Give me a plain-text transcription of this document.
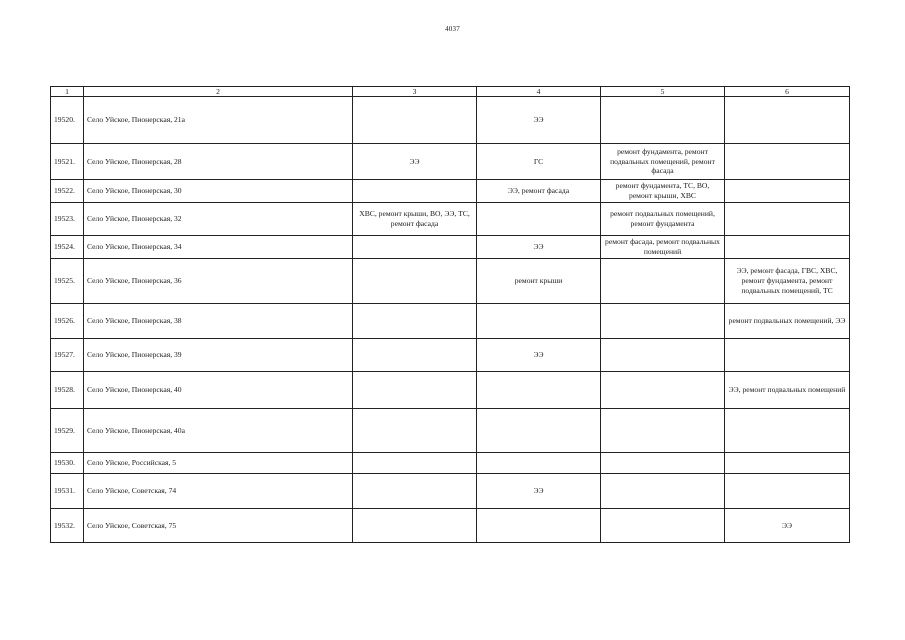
4037
1	2	3	4	5	6
19520.	Село Уйское, Пионерская, 21а		ЭЭ		
19521.	Село Уйское, Пионерская, 28	ЭЭ	ГС	ремонт фундамента, ремонт подвальных помещений, ремонт фасада	
19522.	Село Уйское, Пионерская, 30		ЭЭ, ремонт фасада	ремонт фундамента, ТС, ВО, ремонт крыши, ХВС	
19523.	Село Уйское, Пионерская, 32	ХВС, ремонт крыши, ВО, ЭЭ, ТС, ремонт фасада		ремонт подвальных помещений, ремонт фундамента	
19524.	Село Уйское, Пионерская, 34		ЭЭ	ремонт фасада, ремонт подвальных помещений	
19525.	Село Уйское, Пионерская, 36		ремонт крыши		ЭЭ, ремонт фасада, ГВС, ХВС, ремонт фундамента, ремонт подвальных помещений, ТС
19526.	Село Уйское, Пионерская, 38				ремонт подвальных помещений, ЭЭ
19527.	Село Уйское, Пионерская, 39		ЭЭ		
19528.	Село Уйское, Пионерская, 40				ЭЭ, ремонт подвальных помещений
19529.	Село Уйское, Пионерская, 40а				
19530.	Село Уйское, Российская, 5				
19531.	Село Уйское, Советская, 74		ЭЭ		
19532.	Село Уйское, Советская, 75				ЭЭ
